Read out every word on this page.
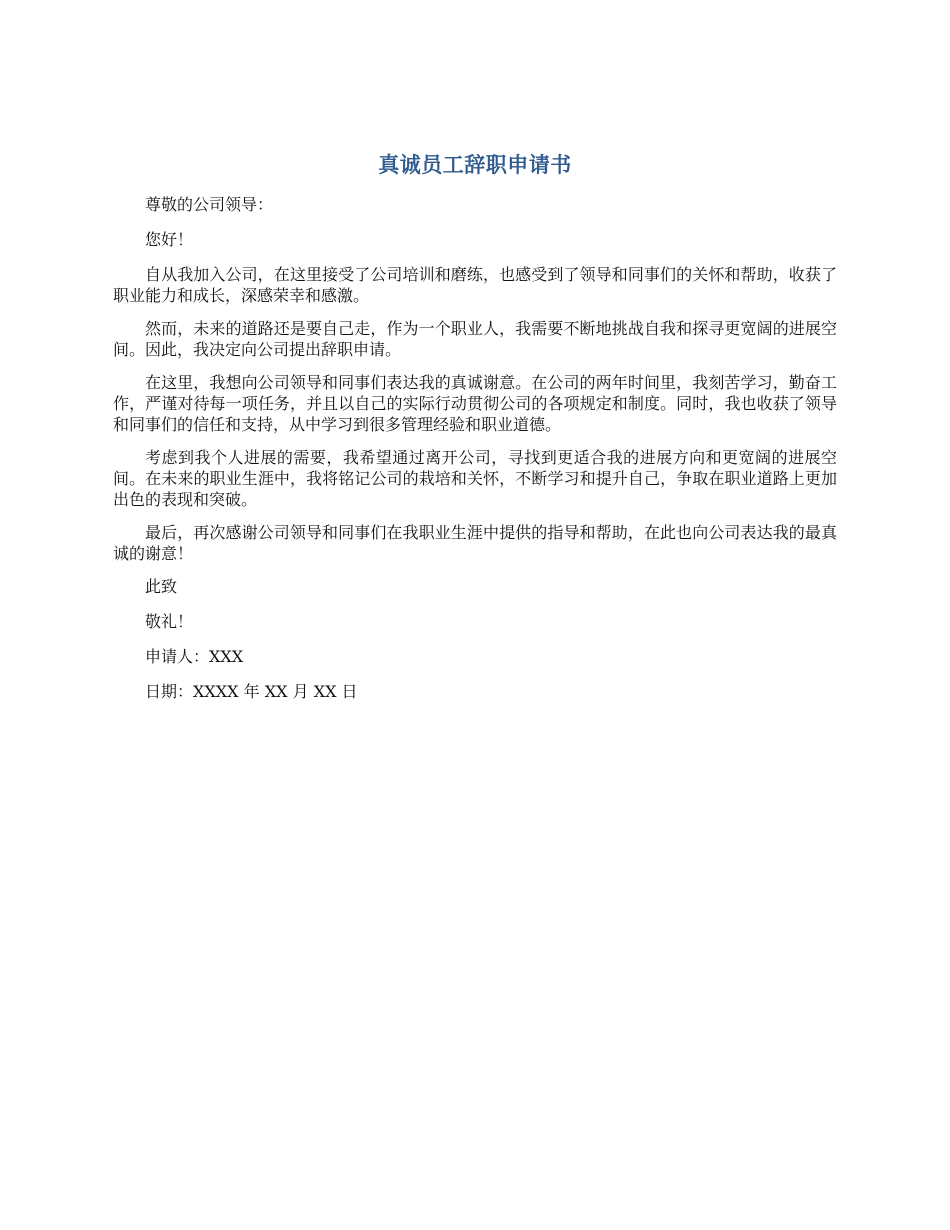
真诚员工辞职申请书

尊敬的公司领导：

您好！

自从我加入公司，在这里接受了公司培训和磨练，也感受到了领导和同事们的关怀和帮助，收获了职业能力和成长，深感荣幸和感激。

然而，未来的道路还是要自己走，作为一个职业人，我需要不断地挑战自我和探寻更宽阔的进展空间。因此，我决定向公司提出辞职申请。

在这里，我想向公司领导和同事们表达我的真诚谢意。在公司的两年时间里，我刻苦学习，勤奋工作，严谨对待每一项任务，并且以自己的实际行动贯彻公司的各项规定和制度。同时，我也收获了领导和同事们的信任和支持，从中学习到很多管理经验和职业道德。

考虑到我个人进展的需要，我希望通过离开公司，寻找到更适合我的进展方向和更宽阔的进展空间。在未来的职业生涯中，我将铭记公司的栽培和关怀，不断学习和提升自己，争取在职业道路上更加出色的表现和突破。

最后，再次感谢公司领导和同事们在我职业生涯中提供的指导和帮助，在此也向公司表达我的最真诚的谢意！

此致

敬礼！

申请人：XXX

日期：XXXX 年 XX 月 XX 日
